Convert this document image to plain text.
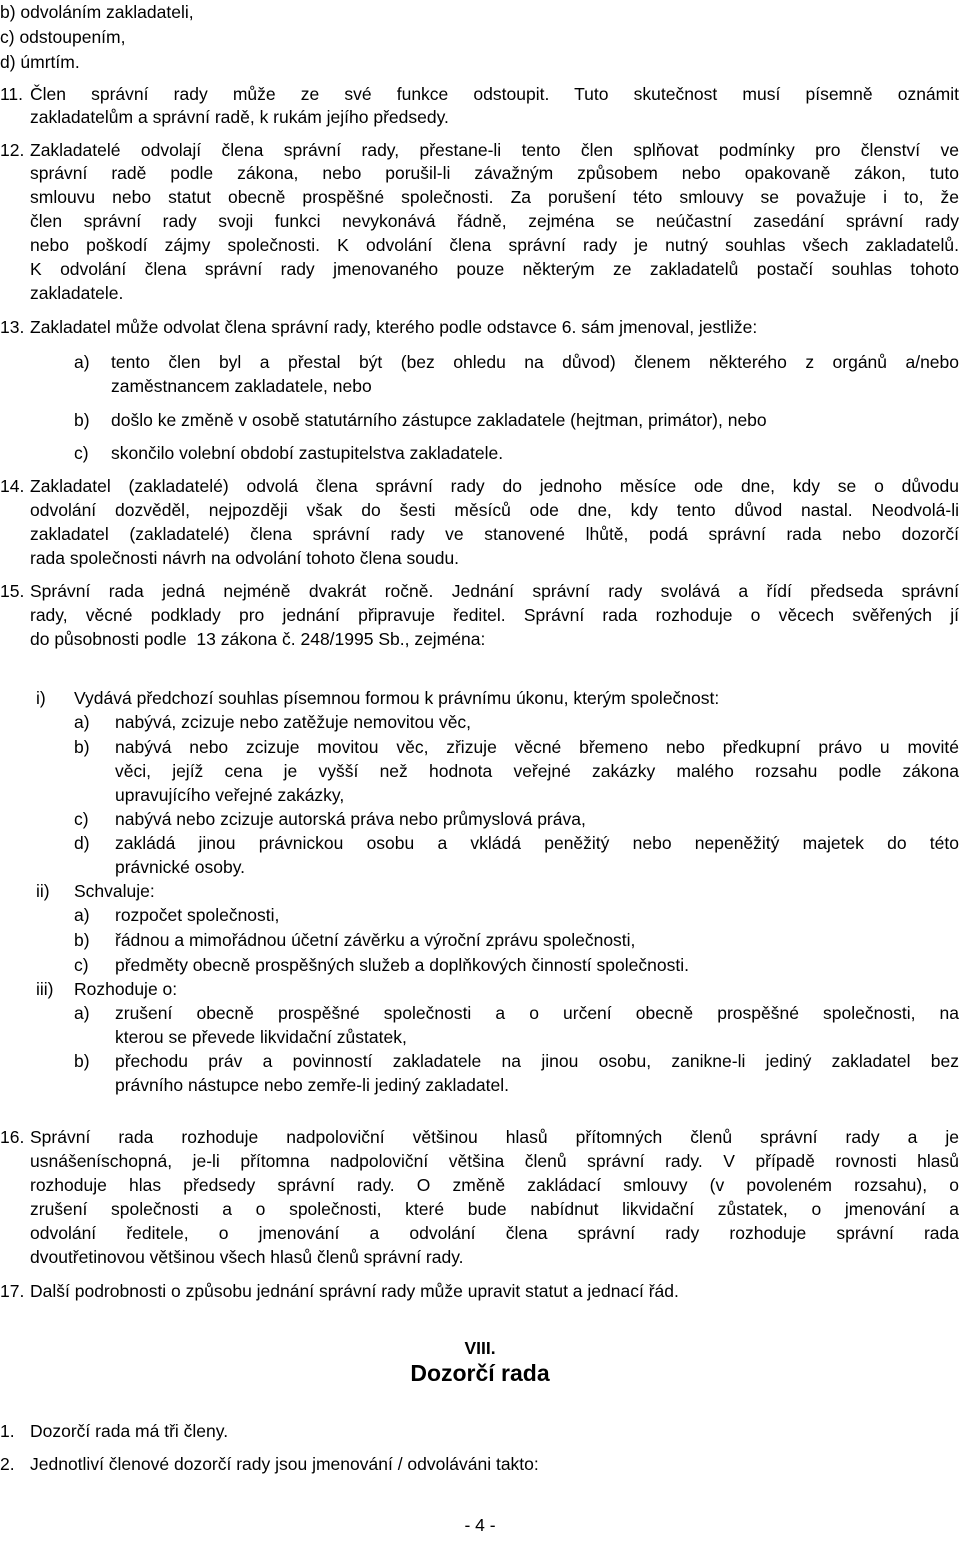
b) odvoláním zakladateli,
c) odstoupením,
d) úmrtím.
11. Člen správní rady může ze své funkce odstoupit. Tuto skutečnost musí písemně oznámit
zakladatelům a správní radě, k rukám jejího předsedy.
12. Zakladatelé odvolají člena správní rady, přestane-li tento člen splňovat podmínky pro členství ve
správní radě podle zákona, nebo porušil-li závažným způsobem nebo opakovaně zákon, tuto
smlouvu nebo statut obecně prospěšné společnosti. Za porušení této smlouvy se považuje i to, že
člen správní rady svoji funkci nevykonává řádně, zejména se neúčastní zasedání správní rady
nebo poškodí zájmy společnosti. K odvolání člena správní rady je nutný souhlas všech zakladatelů.
K odvolání člena správní rady jmenovaného pouze některým ze zakladatelů postačí souhlas tohoto
zakladatele.
13. Zakladatel může odvolat člena správní rady, kterého podle odstavce 6. sám jmenoval, jestliže:
a) tento člen byl a přestal být (bez ohledu na důvod) členem některého z orgánů a/nebo
zaměstnancem zakladatele, nebo
b) došlo ke změně v osobě statutárního zástupce zakladatele (hejtman, primátor), nebo
c) skončilo volební období zastupitelstva zakladatele.
14. Zakladatel (zakladatelé) odvolá člena správní rady do jednoho měsíce ode dne, kdy se o důvodu
odvolání dozvěděl, nejpozději však do šesti měsíců ode dne, kdy tento důvod nastal. Neodvolá-li
zakladatel (zakladatelé) člena správní rady ve stanovené lhůtě, podá správní rada nebo dozorčí
rada společnosti návrh na odvolání tohoto člena soudu.
15. Správní rada jedná nejméně dvakrát ročně. Jednání správní rady svolává a řídí předseda správní
rady, věcné podklady pro jednání připravuje ředitel. Správní rada rozhoduje o věcech svěřených jí
do působnosti podle  13 zákona č. 248/1995 Sb., zejména:
i) Vydává předchozí souhlas písemnou formou k právnímu úkonu, kterým společnost:
a) nabývá, zcizuje nebo zatěžuje nemovitou věc,
b) nabývá nebo zcizuje movitou věc, zřizuje věcné břemeno nebo předkupní právo u movité
věci, jejíž cena je vyšší než hodnota veřejné zakázky malého rozsahu podle zákona
upravujícího veřejné zakázky,
c) nabývá nebo zcizuje autorská práva nebo průmyslová práva,
d) zakládá jinou právnickou osobu a vkládá peněžitý nebo nepeněžitý majetek do této
právnické osoby.
ii) Schvaluje:
a) rozpočet společnosti,
b) řádnou a mimořádnou účetní závěrku a výroční zprávu společnosti,
c) předměty obecně prospěšných služeb a doplňkových činností společnosti.
iii) Rozhoduje o:
a) zrušení obecně prospěšné společnosti a o určení obecně prospěšné společnosti, na
kterou se převede likvidační zůstatek,
b) přechodu práv a povinností zakladatele na jinou osobu, zanikne-li jediný zakladatel bez
právního nástupce nebo zemře-li jediný zakladatel.
16. Správní rada rozhoduje nadpoloviční většinou hlasů přítomných členů správní rady a je
usnášeníschopná, je-li přítomna nadpoloviční většina členů správní rady. V případě rovnosti hlasů
rozhoduje hlas předsedy správní rady. O změně zakládací smlouvy (v povoleném rozsahu), o
zrušení společnosti a o společnosti, které bude nabídnut likvidační zůstatek, o jmenování a
odvolání ředitele, o jmenování a odvolání člena správní rady rozhoduje správní rada
dvoutřetinovou většinou všech hlasů členů správní rady.
17. Další podrobnosti o způsobu jednání správní rady může upravit statut a jednací řád.
VIII.
Dozorčí rada
1. Dozorčí rada má tři členy.
2. Jednotliví členové dozorčí rady jsou jmenování / odvoláváni takto:
- 4 -
